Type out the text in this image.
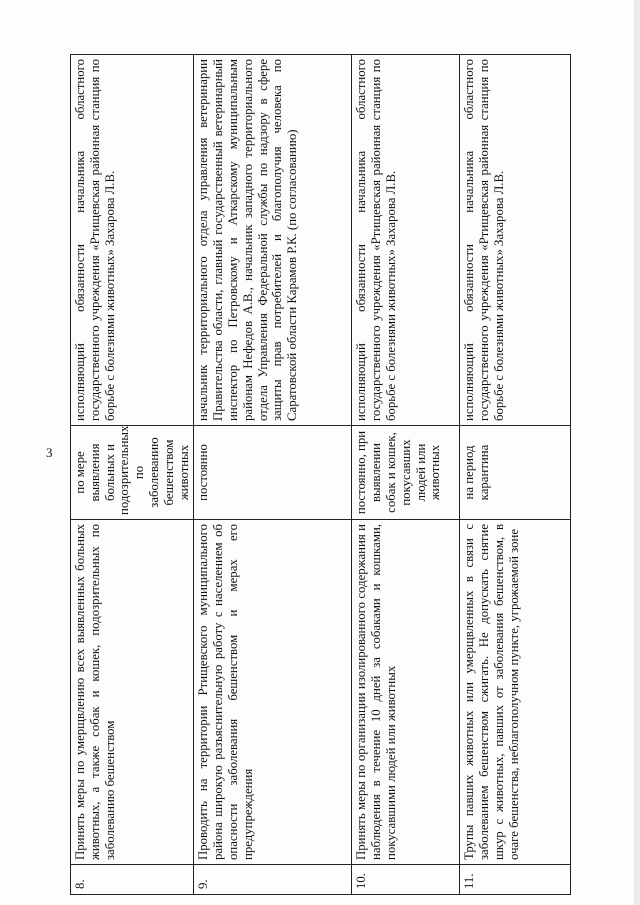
3
8.	Принять меры по умерщвлению всех выявленных больных животных, а также собак и кошек, подозрительных по заболеванию бешенством	по мере выявления больных и подозрительных по заболеванию бешенством животных	исполняющий обязанности начальника областного государственного учреждения «Ртищевская районная станция по борьбе с болезнями животных» Захарова Л.В.
9.	Проводить на территории Ртищевского муниципального района широкую разъяснительную работу с населением об опасности заболевания бешенством и мерах его предупреждения	постоянно	начальник территориального отдела управления ветеринарии Правительства области, главный государственный ветеринарный инспектор по Петровскому и Аткарскому муниципальным районам Нефедов А.В., начальник западного территориального отдела Управления Федеральной службы по надзору в сфере защиты прав потребителей и благополучия человека по Саратовской области Карамов Р.К. (по согласованию)
10.	Принять меры по организации изолированного содержания и наблюдения в течение 10 дней за собаками и кошками, покусавшими людей или животных	постоянно, при выявлении собак и кошек, покусавших людей или животных	исполняющий обязанности начальника областного государственного учреждения «Ртищевская районная станция по борьбе с болезнями животных» Захарова Л.В.
11.	Трупы павших животных или умерщвленных в связи с заболеванием бешенством сжигать. Не допускать снятие шкур с животных, павших от заболевания бешенством, в очаге бешенства, неблагополучном пункте, угрожаемой зоне	на период карантина	исполняющий обязанности начальника областного государственного учреждения «Ртищевская районная станция по борьбе с болезнями животных» Захарова Л.В.
